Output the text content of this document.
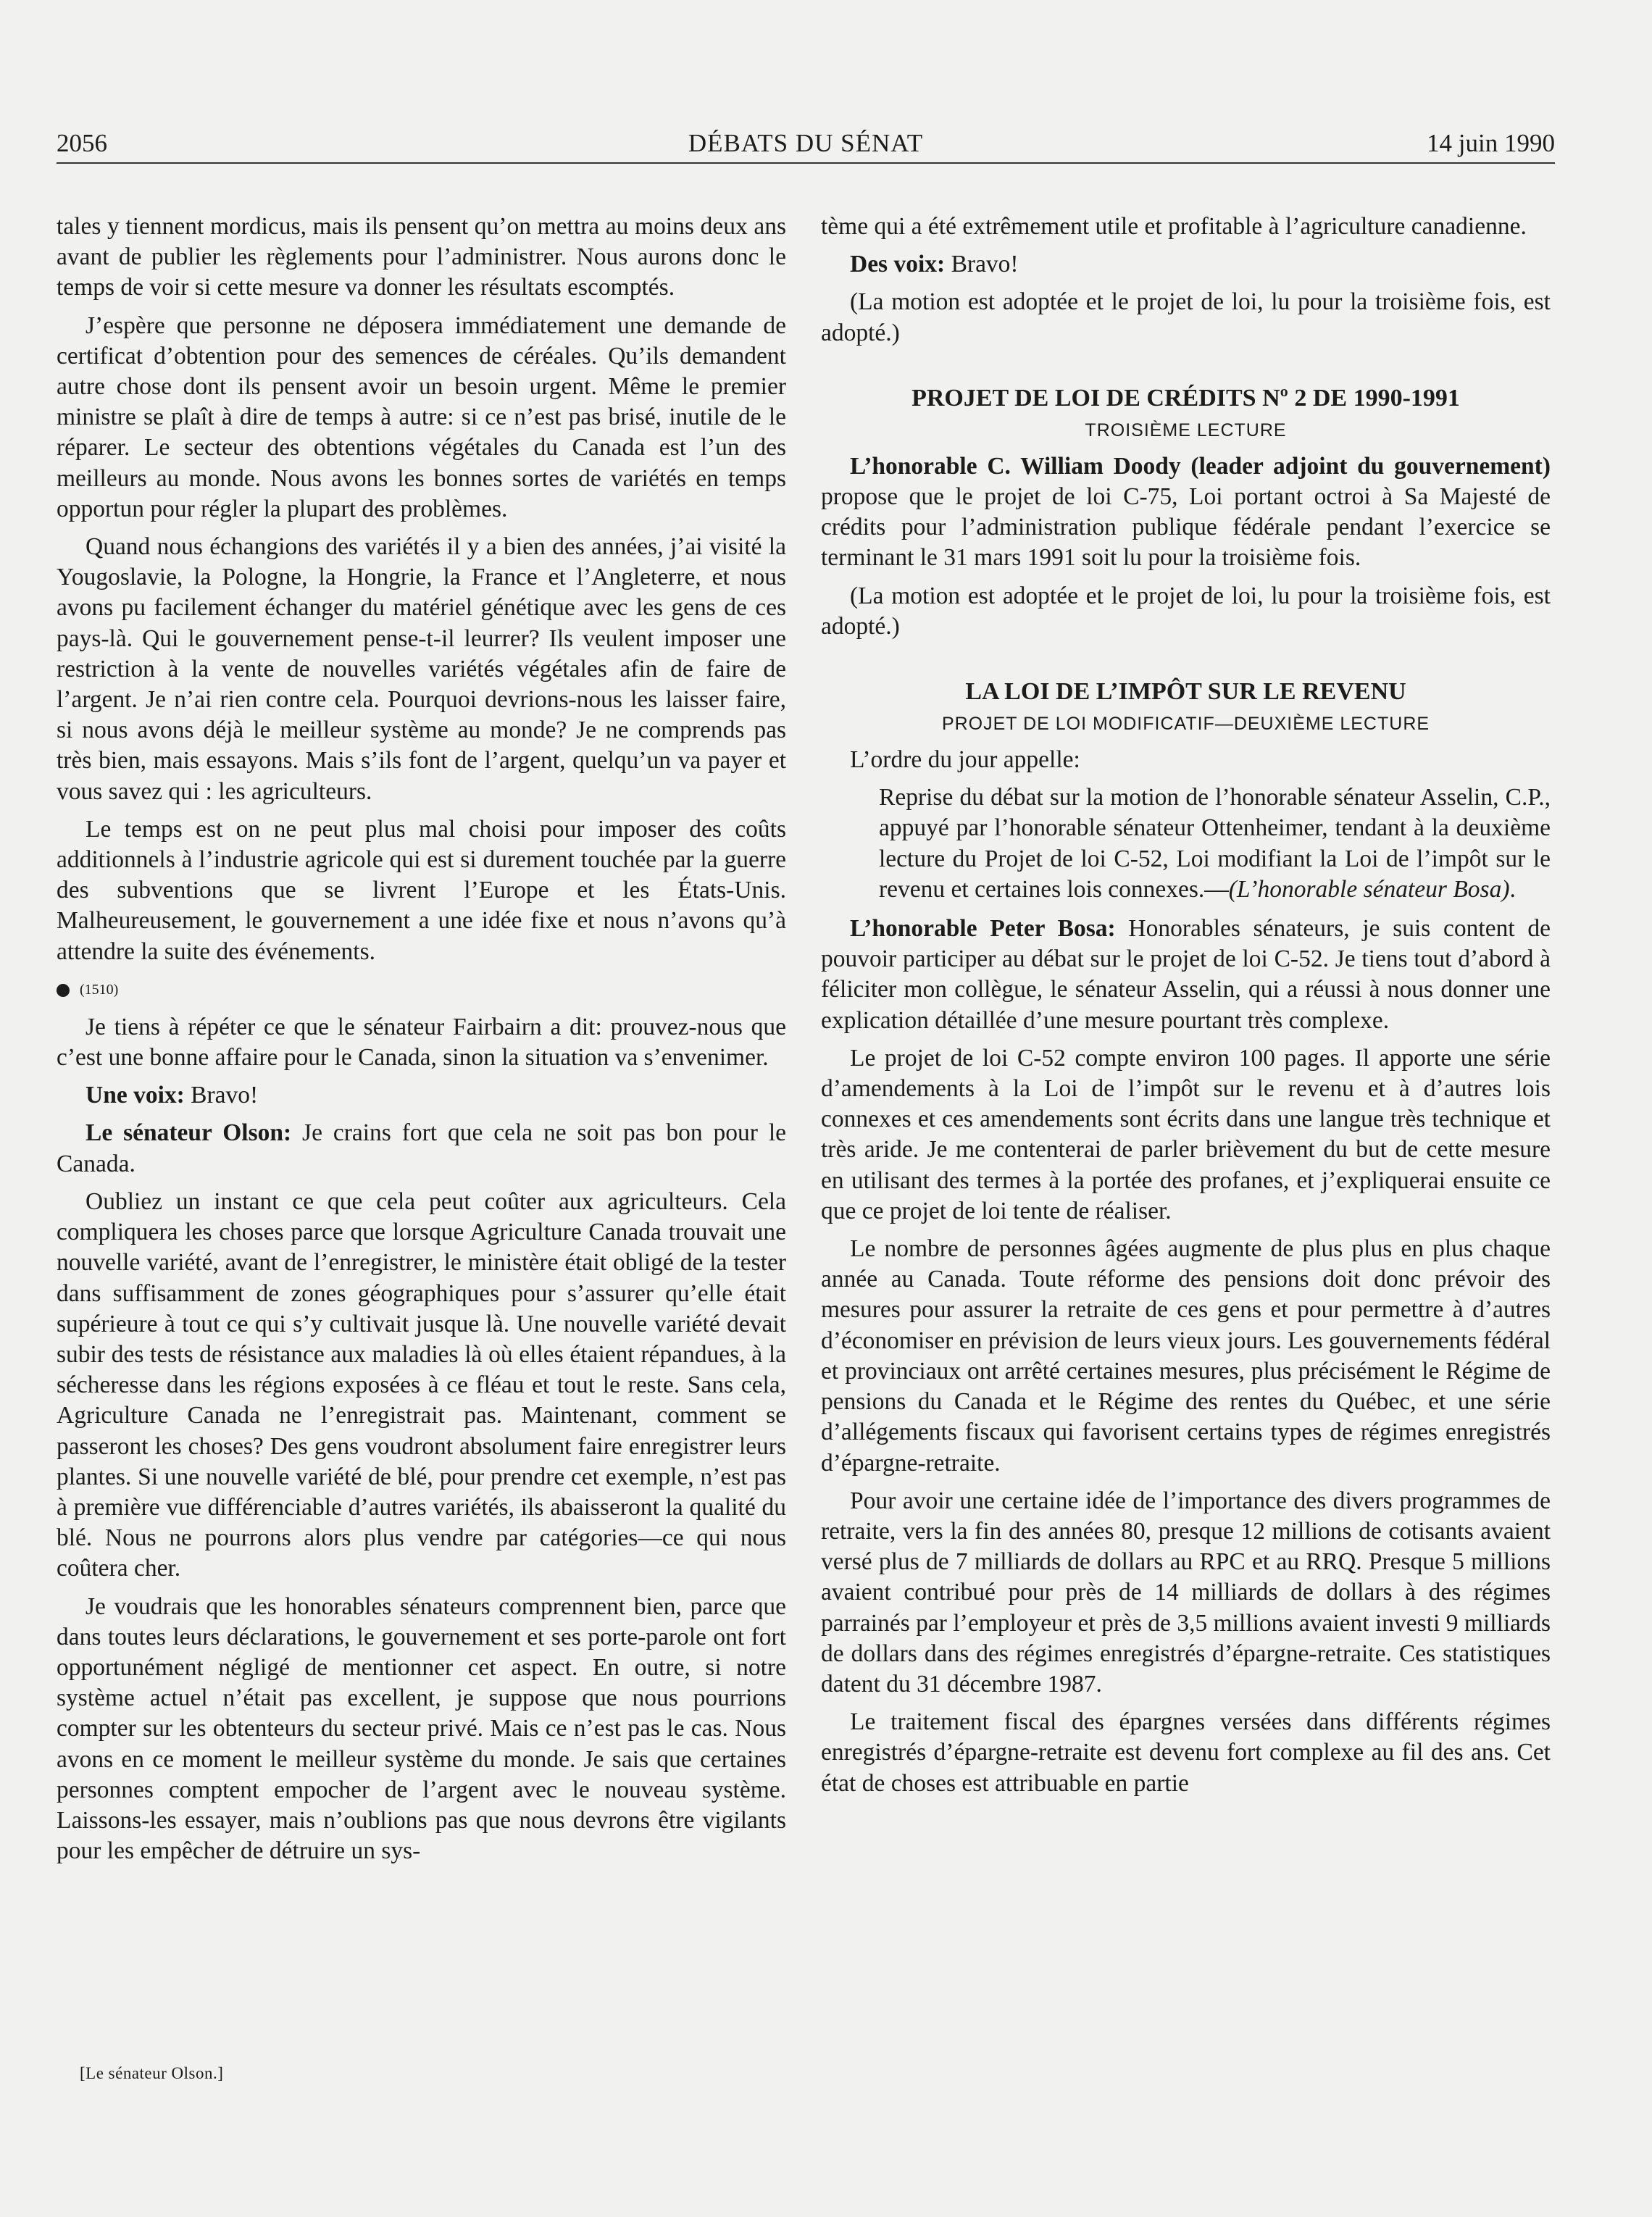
2056	DÉBATS DU SÉNAT	14 juin 1990

tales y tiennent mordicus, mais ils pensent qu’on mettra au moins deux ans avant de publier les règlements pour l’administrer. Nous aurons donc le temps de voir si cette mesure va donner les résultats escomptés.

J’espère que personne ne déposera immédiatement une demande de certificat d’obtention pour des semences de céréales. Qu’ils demandent autre chose dont ils pensent avoir un besoin urgent. Même le premier ministre se plaît à dire de temps à autre: si ce n’est pas brisé, inutile de le réparer. Le secteur des obtentions végétales du Canada est l’un des meilleurs au monde. Nous avons les bonnes sortes de variétés en temps opportun pour régler la plupart des problèmes.

Quand nous échangions des variétés il y a bien des années, j’ai visité la Yougoslavie, la Pologne, la Hongrie, la France et l’Angleterre, et nous avons pu facilement échanger du matériel génétique avec les gens de ces pays-là. Qui le gouvernement pense-t-il leurrer? Ils veulent imposer une restriction à la vente de nouvelles variétés végétales afin de faire de l’argent. Je n’ai rien contre cela. Pourquoi devrions-nous les laisser faire, si nous avons déjà le meilleur système au monde? Je ne comprends pas très bien, mais essayons. Mais s’ils font de l’argent, quelqu’un va payer et vous savez qui : les agriculteurs.

Le temps est on ne peut plus mal choisi pour imposer des coûts additionnels à l’industrie agricole qui est si durement touchée par la guerre des subventions que se livrent l’Europe et les États-Unis. Malheureusement, le gouvernement a une idée fixe et nous n’avons qu’à attendre la suite des événements.

(1510)

Je tiens à répéter ce que le sénateur Fairbairn a dit: prouvez-nous que c’est une bonne affaire pour le Canada, sinon la situation va s’envenimer.

Une voix: Bravo!

Le sénateur Olson: Je crains fort que cela ne soit pas bon pour le Canada.

Oubliez un instant ce que cela peut coûter aux agriculteurs. Cela compliquera les choses parce que lorsque Agriculture Canada trouvait une nouvelle variété, avant de l’enregistrer, le ministère était obligé de la tester dans suffisamment de zones géographiques pour s’assurer qu’elle était supérieure à tout ce qui s’y cultivait jusque là. Une nouvelle variété devait subir des tests de résistance aux maladies là où elles étaient répandues, à la sécheresse dans les régions exposées à ce fléau et tout le reste. Sans cela, Agriculture Canada ne l’enregistrait pas. Maintenant, comment se passeront les choses? Des gens voudront absolument faire enregistrer leurs plantes. Si une nouvelle variété de blé, pour prendre cet exemple, n’est pas à première vue différenciable d’autres variétés, ils abaisseront la qualité du blé. Nous ne pourrons alors plus vendre par catégories—ce qui nous coûtera cher.

Je voudrais que les honorables sénateurs comprennent bien, parce que dans toutes leurs déclarations, le gouvernement et ses porte-parole ont fort opportunément négligé de mentionner cet aspect. En outre, si notre système actuel n’était pas excellent, je suppose que nous pourrions compter sur les obtenteurs du secteur privé. Mais ce n’est pas le cas. Nous avons en ce moment le meilleur système du monde. Je sais que certaines personnes comptent empocher de l’argent avec le nouveau système. Laissons-les essayer, mais n’oublions pas que nous devrons être vigilants pour les empêcher de détruire un sys-

[Le sénateur Olson.]

tème qui a été extrêmement utile et profitable à l’agriculture canadienne.

Des voix: Bravo!

(La motion est adoptée et le projet de loi, lu pour la troisième fois, est adopté.)

PROJET DE LOI DE CRÉDITS Nº 2 DE 1990-1991
TROISIÈME LECTURE

L’honorable C. William Doody (leader adjoint du gouvernement) propose que le projet de loi C-75, Loi portant octroi à Sa Majesté de crédits pour l’administration publique fédérale pendant l’exercice se terminant le 31 mars 1991 soit lu pour la troisième fois.

(La motion est adoptée et le projet de loi, lu pour la troisième fois, est adopté.)

LA LOI DE L’IMPÔT SUR LE REVENU
PROJET DE LOI MODIFICATIF—DEUXIÈME LECTURE

L’ordre du jour appelle:

Reprise du débat sur la motion de l’honorable sénateur Asselin, C.P., appuyé par l’honorable sénateur Ottenheimer, tendant à la deuxième lecture du Projet de loi C-52, Loi modifiant la Loi de l’impôt sur le revenu et certaines lois connexes.—(L’honorable sénateur Bosa).

L’honorable Peter Bosa: Honorables sénateurs, je suis content de pouvoir participer au débat sur le projet de loi C-52. Je tiens tout d’abord à féliciter mon collègue, le sénateur Asselin, qui a réussi à nous donner une explication détaillée d’une mesure pourtant très complexe.

Le projet de loi C-52 compte environ 100 pages. Il apporte une série d’amendements à la Loi de l’impôt sur le revenu et à d’autres lois connexes et ces amendements sont écrits dans une langue très technique et très aride. Je me contenterai de parler brièvement du but de cette mesure en utilisant des termes à la portée des profanes, et j’expliquerai ensuite ce que ce projet de loi tente de réaliser.

Le nombre de personnes âgées augmente de plus plus en plus chaque année au Canada. Toute réforme des pensions doit donc prévoir des mesures pour assurer la retraite de ces gens et pour permettre à d’autres d’économiser en prévision de leurs vieux jours. Les gouvernements fédéral et provinciaux ont arrêté certaines mesures, plus précisément le Régime de pensions du Canada et le Régime des rentes du Québec, et une série d’allégements fiscaux qui favorisent certains types de régimes enregistrés d’épargne-retraite.

Pour avoir une certaine idée de l’importance des divers programmes de retraite, vers la fin des années 80, presque 12 millions de cotisants avaient versé plus de 7 milliards de dollars au RPC et au RRQ. Presque 5 millions avaient contribué pour près de 14 milliards de dollars à des régimes parrainés par l’employeur et près de 3,5 millions avaient investi 9 milliards de dollars dans des régimes enregistrés d’épargne-retraite. Ces statistiques datent du 31 décembre 1987.

Le traitement fiscal des épargnes versées dans différents régimes enregistrés d’épargne-retraite est devenu fort complexe au fil des ans. Cet état de choses est attribuable en partie
